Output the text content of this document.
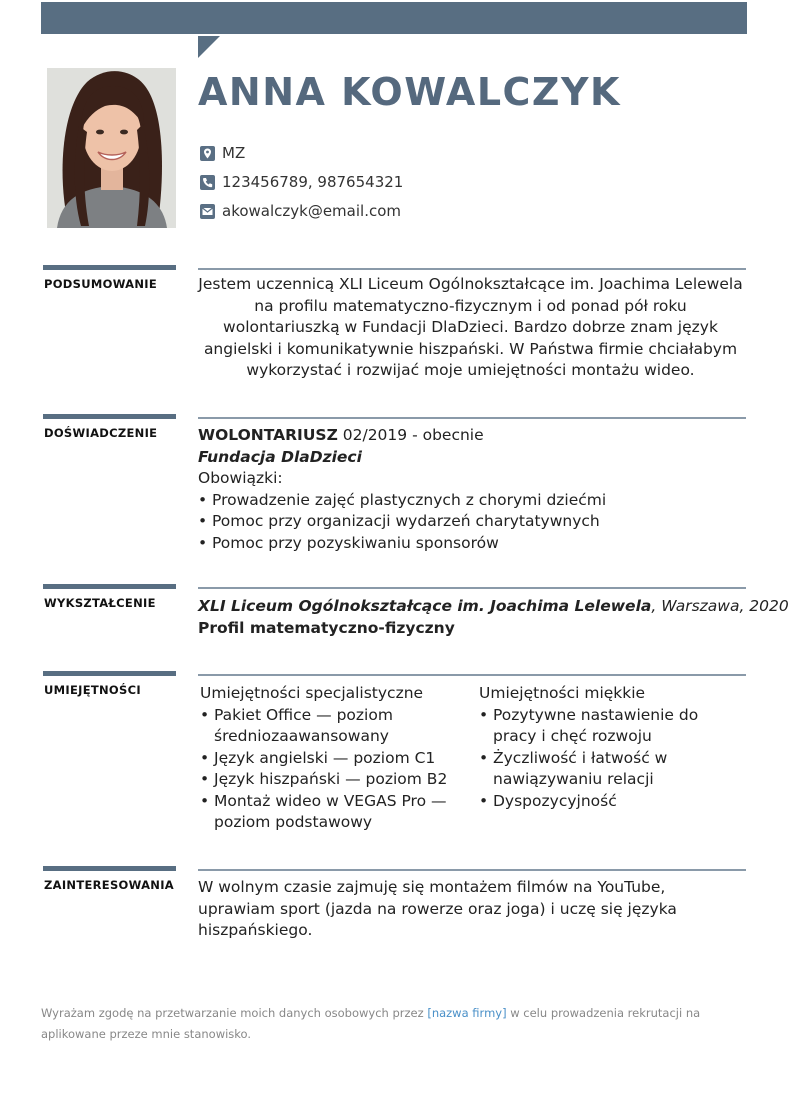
ANNA KOWALCZYK
MZ
123456789, 987654321
akowalczyk@email.com
PODSUMOWANIE	Jestem uczennicą XLI Liceum Ogólnokształcące im. Joachima Lelewela na profilu matematyczno-fizycznym i od ponad pół roku wolontariuszką w Fundacji DlaDzieci. Bardzo dobrze znam język angielski i komunikatywnie hiszpański. W Państwa firmie chciałabym wykorzystać i rozwijać moje umiejętności montażu wideo.
DOŚWIADCZENIE	WOLONTARIUSZ 02/2019 - obecnie
Fundacja DlaDzieci
Obowiązki:
• Prowadzenie zajęć plastycznych z chorymi dziećmi
• Pomoc przy organizacji wydarzeń charytatywnych
• Pomoc przy pozyskiwaniu sponsorów
WYKSZTAŁCENIE	XLI Liceum Ogólnokształcące im. Joachima Lelewela, Warszawa, 2020
Profil matematyczno-fizyczny
UMIEJĘTNOŚCI	Umiejętności specjalistyczne
• Pakiet Office — poziom średniozaawansowany
• Język angielski — poziom C1
• Język hiszpański — poziom B2
• Montaż wideo w VEGAS Pro — poziom podstawowy
Umiejętności miękkie
• Pozytywne nastawienie do pracy i chęć rozwoju
• Życzliwość i łatwość w nawiązywaniu relacji
• Dyspozycyjność
ZAINTERESOWANIA W wolnym czasie zajmuję się montażem filmów na YouTube, uprawiam sport (jazda na rowerze oraz joga) i uczę się języka hiszpańskiego.
Wyrażam zgodę na przetwarzanie moich danych osobowych przez [nazwa firmy] w celu prowadzenia rekrutacji na aplikowane przeze mnie stanowisko.
